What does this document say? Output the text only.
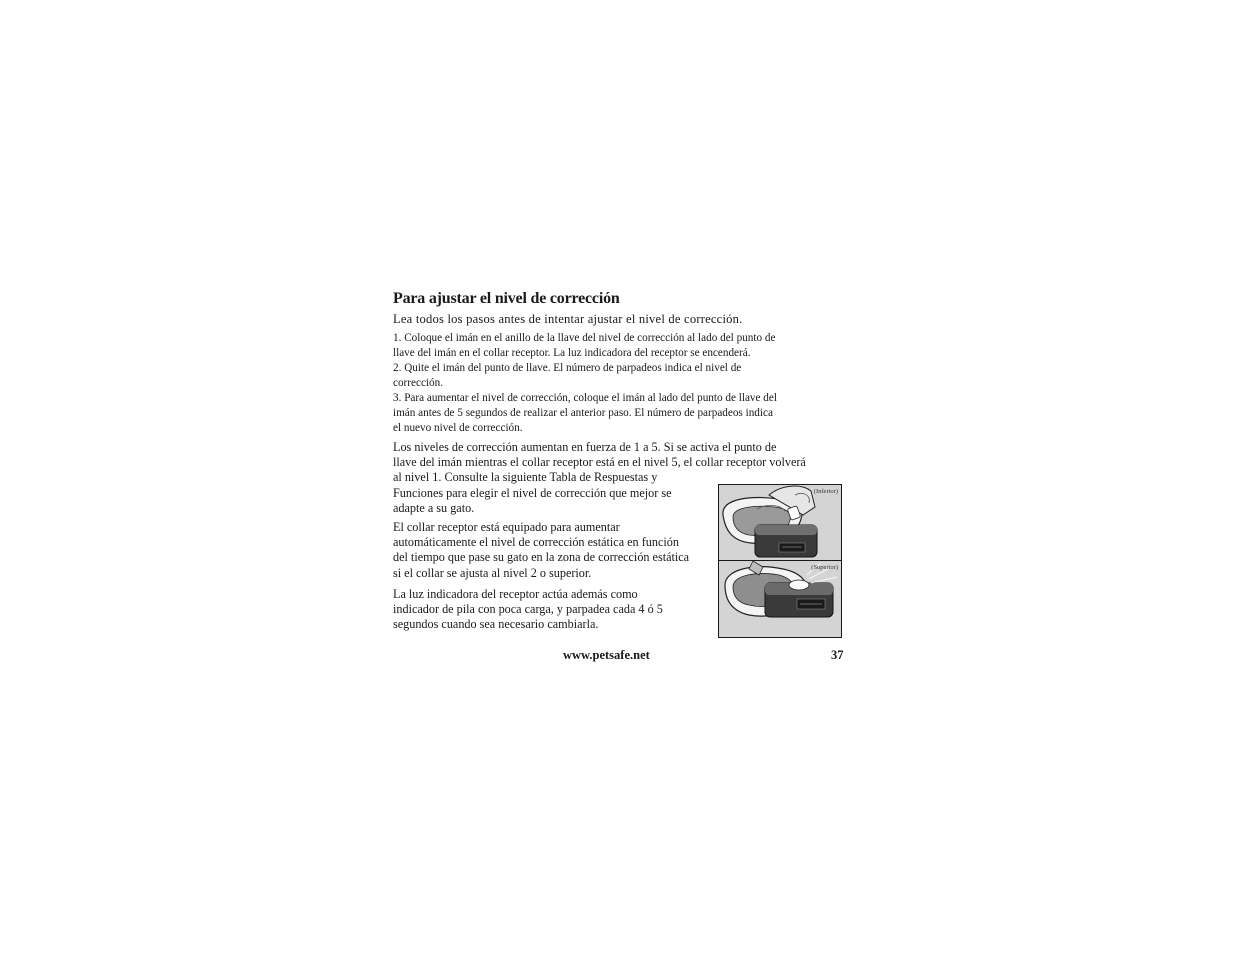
Para ajustar el nivel de corrección
Lea todos los pasos antes de intentar ajustar el nivel de corrección.
1. Coloque el imán en el anillo de la llave del nivel de corrección al lado del punto de
llave del imán en el collar receptor. La luz indicadora del receptor se encenderá.
2. Quite el imán del punto de llave. El número de parpadeos indica el nivel de
corrección.
3. Para aumentar el nivel de corrección, coloque el imán al lado del punto de llave del
imán antes de 5 segundos de realizar el anterior paso. El número de parpadeos indica
el nuevo nivel de corrección.
Los niveles de corrección aumentan en fuerza de 1 a 5. Si se activa el punto de
llave del imán mientras el collar receptor está en el nivel 5, el collar receptor volverá
al nivel 1. Consulte la siguiente Tabla de Respuestas y
Funciones para elegir el nivel de corrección que mejor se
adapte a su gato.
El collar receptor está equipado para aumentar
automáticamente el nivel de corrección estática en función
del tiempo que pase su gato en la zona de corrección estática
si el collar se ajusta al nivel 2 o superior.
La luz indicadora del receptor actúa además como
indicador de pila con poca carga, y parpadea cada 4 ó 5
segundos cuando sea necesario cambiarla.
(Inferior)
(Superior)
www.petsafe.net	37
